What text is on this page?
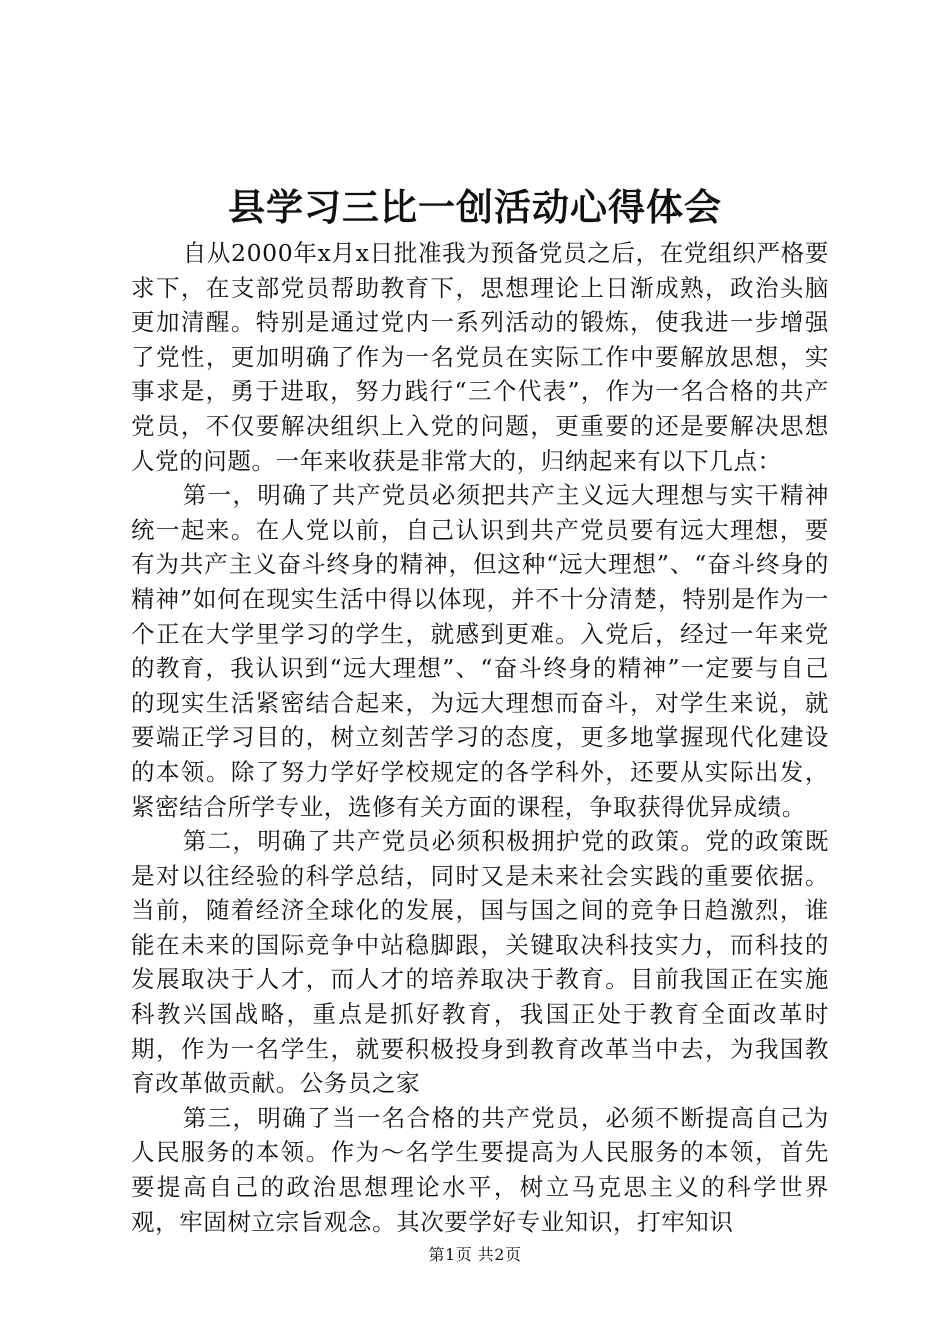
县学习三比一创活动心得体会

自从2000年x月x日批准我为预备党员之后，在党组织严格要求下，在支部党员帮助教育下，思想理论上日渐成熟，政治头脑更加清醒。特别是通过党内一系列活动的锻炼，使我进一步增强了党性，更加明确了作为一名党员在实际工作中要解放思想，实事求是，勇于进取，努力践行“三个代表”，作为一名合格的共产党员，不仅要解决组织上入党的问题，更重要的还是要解决思想人党的问题。一年来收获是非常大的，归纳起来有以下几点：

第一，明确了共产党员必须把共产主义远大理想与实干精神统一起来。在人党以前，自己认识到共产党员要有远大理想，要有为共产主义奋斗终身的精神，但这种“远大理想”、“奋斗终身的精神”如何在现实生活中得以体现，并不十分清楚，特别是作为一个正在大学里学习的学生，就感到更难。入党后，经过一年来党的教育，我认识到“远大理想”、“奋斗终身的精神”一定要与自己的现实生活紧密结合起来，为远大理想而奋斗，对学生来说，就要端正学习目的，树立刻苦学习的态度，更多地掌握现代化建设的本领。除了努力学好学校规定的各学科外，还要从实际出发，紧密结合所学专业，选修有关方面的课程，争取获得优异成绩。

第二，明确了共产党员必须积极拥护党的政策。党的政策既是对以往经验的科学总结，同时又是未来社会实践的重要依据。当前，随着经济全球化的发展，国与国之间的竞争日趋激烈，谁能在未来的国际竞争中站稳脚跟，关键取决科技实力，而科技的发展取决于人才，而人才的培养取决于教育。目前我国正在实施科教兴国战略，重点是抓好教育，我国正处于教育全面改革时期，作为一名学生，就要积极投身到教育改革当中去，为我国教育改革做贡献。公务员之家

第三，明确了当一名合格的共产党员，必须不断提高自己为人民服务的本领。作为～名学生要提高为人民服务的本领，首先要提高自己的政治思想理论水平，树立马克思主义的科学世界观，牢固树立宗旨观念。其次要学好专业知识，打牢知识

第1页 共2页
